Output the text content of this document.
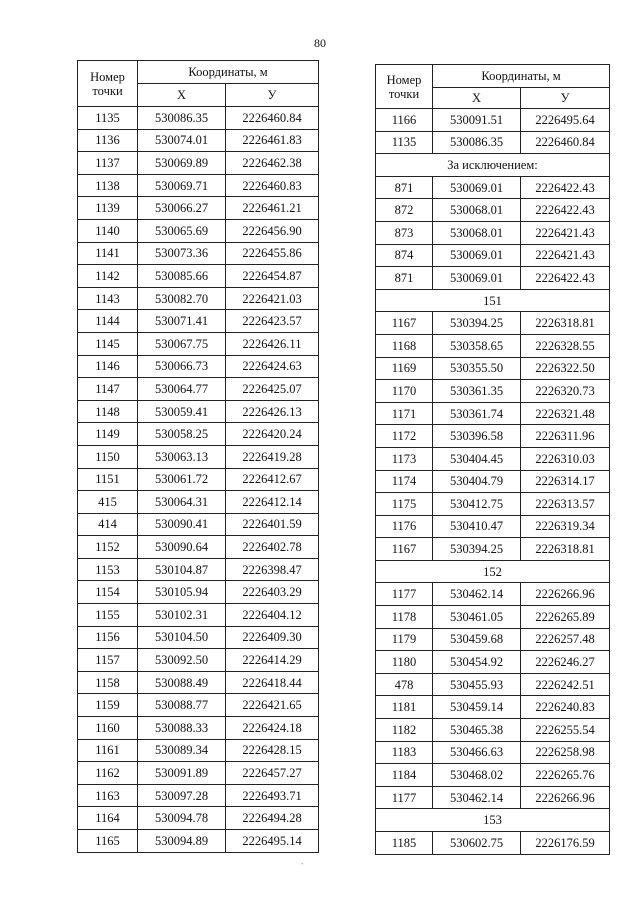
80
Номер
точки	Координаты, м	
	X	У
1135	530086.35	2226460.84
1136	530074.01	2226461.83
1137	530069.89	2226462.38
1138	530069.71	2226460.83
1139	530066.27	2226461.21
1140	530065.69	2226456.90
1141	530073.36	2226455.86
1142	530085.66	2226454.87
1143	530082.70	2226421.03
1144	530071.41	2226423.57
1145	530067.75	2226426.11
1146	530066.73	2226424.63
1147	530064.77	2226425.07
1148	530059.41	2226426.13
1149	530058.25	2226420.24
1150	530063.13	2226419.28
1151	530061.72	2226412.67
415	530064.31	2226412.14
414	530090.41	2226401.59
1152	530090.64	2226402.78
1153	530104.87	2226398.47
1154	530105.94	2226403.29
1155	530102.31	2226404.12
1156	530104.50	2226409.30
1157	530092.50	2226414.29
1158	530088.49	2226418.44
1159	530088.77	2226421.65
1160	530088.33	2226424.18
1161	530089.34	2226428.15
1162	530091.89	2226457.27
1163	530097.28	2226493.71
1164	530094.78	2226494.28
1165	530094.89	2226495.14
Номер
точки	Координаты, м	
	X	У
1166	530091.51	2226495.64
1135	530086.35	2226460.84
За исключением:		
871	530069.01	2226422.43
872	530068.01	2226422.43
873	530068.01	2226421.43
874	530069.01	2226421.43
871	530069.01	2226422.43
151		
1167	530394.25	2226318.81
1168	530358.65	2226328.55
1169	530355.50	2226322.50
1170	530361.35	2226320.73
1171	530361.74	2226321.48
1172	530396.58	2226311.96
1173	530404.45	2226310.03
1174	530404.79	2226314.17
1175	530412.75	2226313.57
1176	530410.47	2226319.34
1167	530394.25	2226318.81
152		
1177	530462.14	2226266.96
1178	530461.05	2226265.89
1179	530459.68	2226257.48
1180	530454.92	2226246.27
478	530455.93	2226242.51
1181	530459.14	2226240.83
1182	530465.38	2226255.54
1183	530466.63	2226258.98
1184	530468.02	2226265.76
1177	530462.14	2226266.96
153		
1185	530602.75	2226176.59
ˋ
